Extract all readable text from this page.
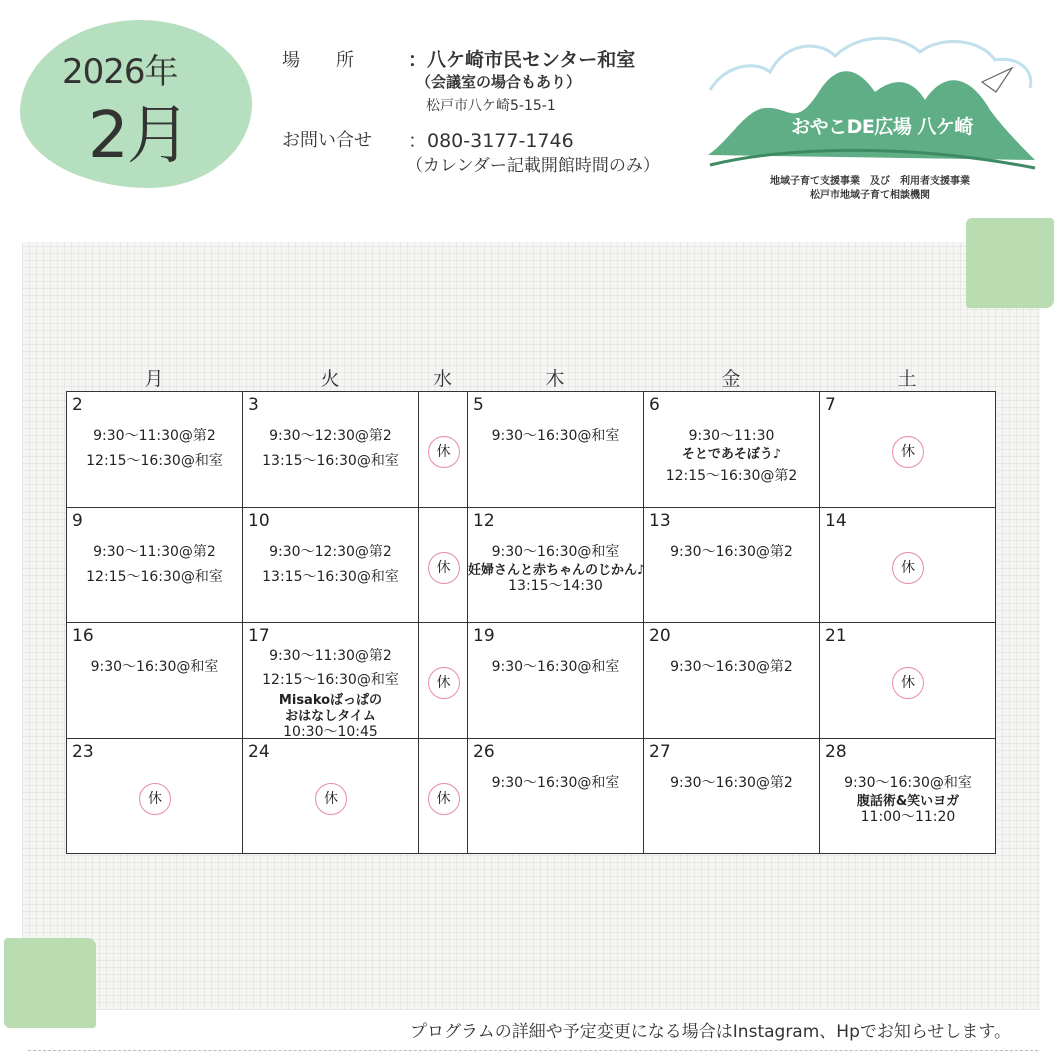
2026年
2月
場　　所	：八ケ崎市民センター和室
（会議室の場合もあり）
松戸市八ケ崎5-15-1
お問い合せ ：080-3177-1746
（カレンダー記載開館時間のみ）
おやこDE広場 八ケ崎
地域子育て支援事業　及び　利用者支援事業
松戸市地域子育て相談機関
月	火	水	木	金	土
2
9:30〜11:30@第2
12:15〜16:30@和室
3
9:30〜12:30@第2
13:15〜16:30@和室
休
5
9:30〜16:30@和室
6
9:30〜11:30
そとであそぼう♪
12:15〜16:30@第2
7
休
9
9:30〜11:30@第2
12:15〜16:30@和室
10
9:30〜12:30@第2
13:15〜16:30@和室
休
12
9:30〜16:30@和室
妊婦さんと赤ちゃんのじかん♪
13:15〜14:30
13
9:30〜16:30@第2
14
休
16
9:30〜16:30@和室
17
9:30〜11:30@第2
12:15〜16:30@和室
Misakoばっぱの
おはなしタイム
10:30〜10:45
休
19
9:30〜16:30@和室
20
9:30〜16:30@第2
21
休
23
休
24
休	休
26
9:30〜16:30@和室
27
9:30〜16:30@第2
28
9:30〜16:30@和室
腹話術&笑いヨガ
11:00〜11:20
プログラムの詳細や予定変更になる場合はInstagram、Hpでお知らせします。
